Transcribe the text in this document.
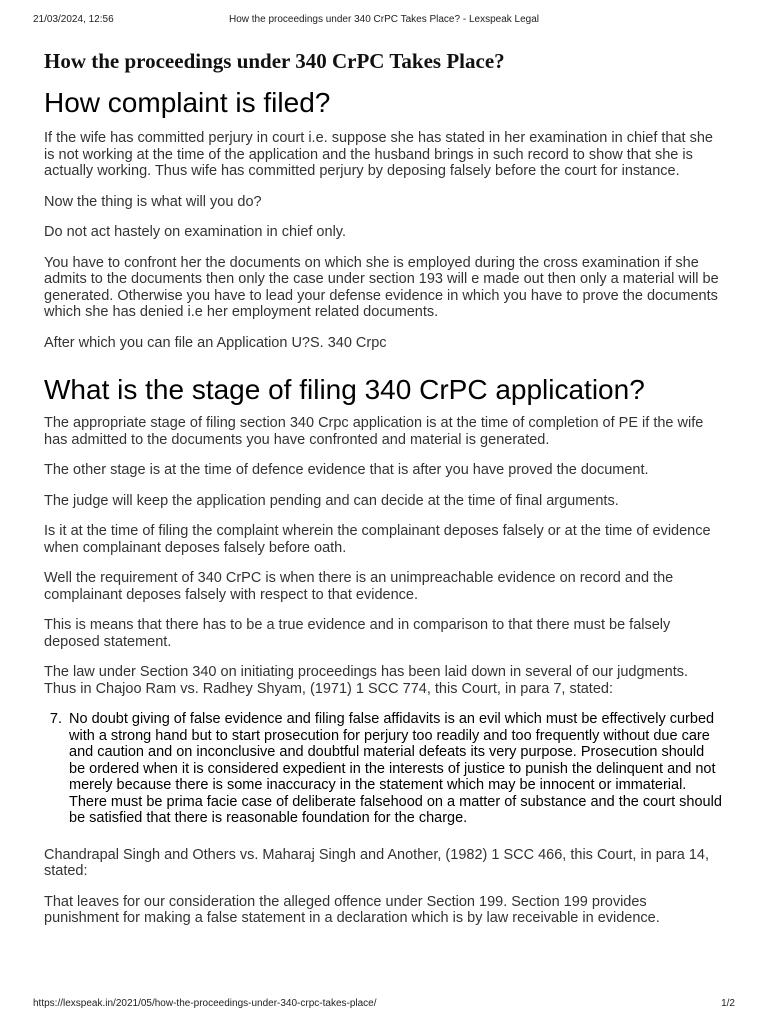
21/03/2024, 12:56	How the proceedings under 340 CrPC Takes Place? - Lexspeak Legal
How the proceedings under 340 CrPC Takes Place?
How complaint is filed?

If the wife has committed perjury in court i.e. suppose she has stated in her examination in chief that she is not working at the time of the application and the husband brings in such record to show that she is actually working. Thus wife has committed perjury by deposing falsely before the court for instance.

Now the thing is what will you do?

Do not act hastely on examination in chief only.

You have to confront her the documents on which she is employed during the cross examination if she admits to the documents then only the case under section 193 will e made out then only a material will be generated. Otherwise you have to lead your defense evidence in which you have to prove the documents which she has denied i.e her employment related documents.

After which you can file an Application U?S. 340 Crpc

What is the stage of filing 340 CrPC application?

The appropriate stage of filing section 340 Crpc application is at the time of completion of PE if the wife has admitted to the documents you have confronted and material is generated.

The other stage is at the time of defence evidence that is after you have proved the document.

The judge will keep the application pending and can decide at the time of final arguments.

Is it at the time of filing the complaint wherein the complainant deposes falsely or at the time of evidence when complainant deposes falsely before oath.

Well the requirement of 340 CrPC is when there is an unimpreachable evidence on record and the complainant deposes falsely with respect to that evidence.

This is means that there has to be a true evidence and in comparison to that there must be falsely deposed statement.

The law under Section 340 on initiating proceedings has been laid down in several of our judgments. Thus in Chajoo Ram vs. Radhey Shyam, (1971) 1 SCC 774, this Court, in para 7, stated:

7. No doubt giving of false evidence and filing false affidavits is an evil which must be effectively curbed with a strong hand but to start prosecution for perjury too readily and too frequently without due care and caution and on inconclusive and doubtful material defeats its very purpose. Prosecution should be ordered when it is considered expedient in the interests of justice to punish the delinquent and not merely because there is some inaccuracy in the statement which may be innocent or immaterial. There must be prima facie case of deliberate falsehood on a matter of substance and the court should be satisfied that there is reasonable foundation for the charge.

Chandrapal Singh and Others vs. Maharaj Singh and Another, (1982) 1 SCC 466, this Court, in para 14, stated:

That leaves for our consideration the alleged offence under Section 199. Section 199 provides punishment for making a false statement in a declaration which is by law receivable in evidence.

https://lexspeak.in/2021/05/how-the-proceedings-under-340-crpc-takes-place/	1/2
